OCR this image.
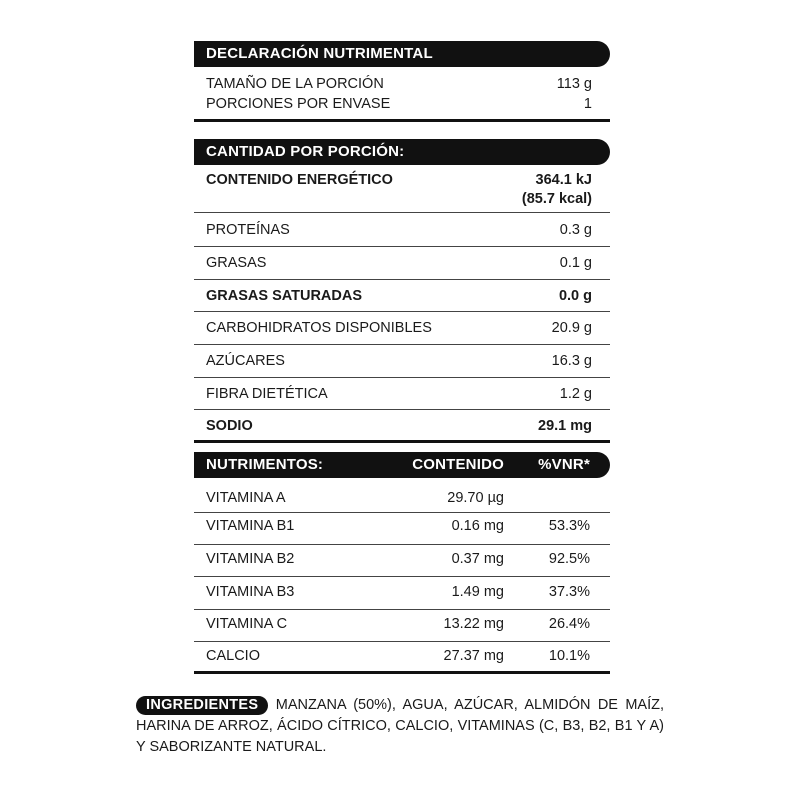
DECLARACIÓN NUTRIMENTAL
TAMAÑO DE LA PORCIÓN	113 g
PORCIONES POR ENVASE	1
CANTIDAD POR PORCIÓN:
CONTENIDO ENERGÉTICO	364.1 kJ
(85.7 kcal)
PROTEÍNAS	0.3 g
GRASAS	0.1 g
GRASAS SATURADAS	0.0 g
CARBOHIDRATOS DISPONIBLES	20.9 g
AZÚCARES	16.3 g
FIBRA DIETÉTICA	1.2 g
SODIO	29.1 mg
NUTRIMENTOS:	CONTENIDO %VNR*
VITAMINA A	29.70 µg
VITAMINA B1	0.16 mg	53.3%
VITAMINA B2	0.37 mg	92.5%
VITAMINA B3	1.49 mg	37.3%
VITAMINA C	13.22 mg	26.4%
CALCIO	27.37 mg	10.1%
INGREDIENTES MANZANA (50%), AGUA, AZÚCAR, ALMIDÓN DE MAÍZ, HARINA DE ARROZ, ÁCIDO CÍTRICO, CALCIO, VITAMINAS (C, B3, B2, B1 Y A) Y SABORIZANTE NATURAL.
